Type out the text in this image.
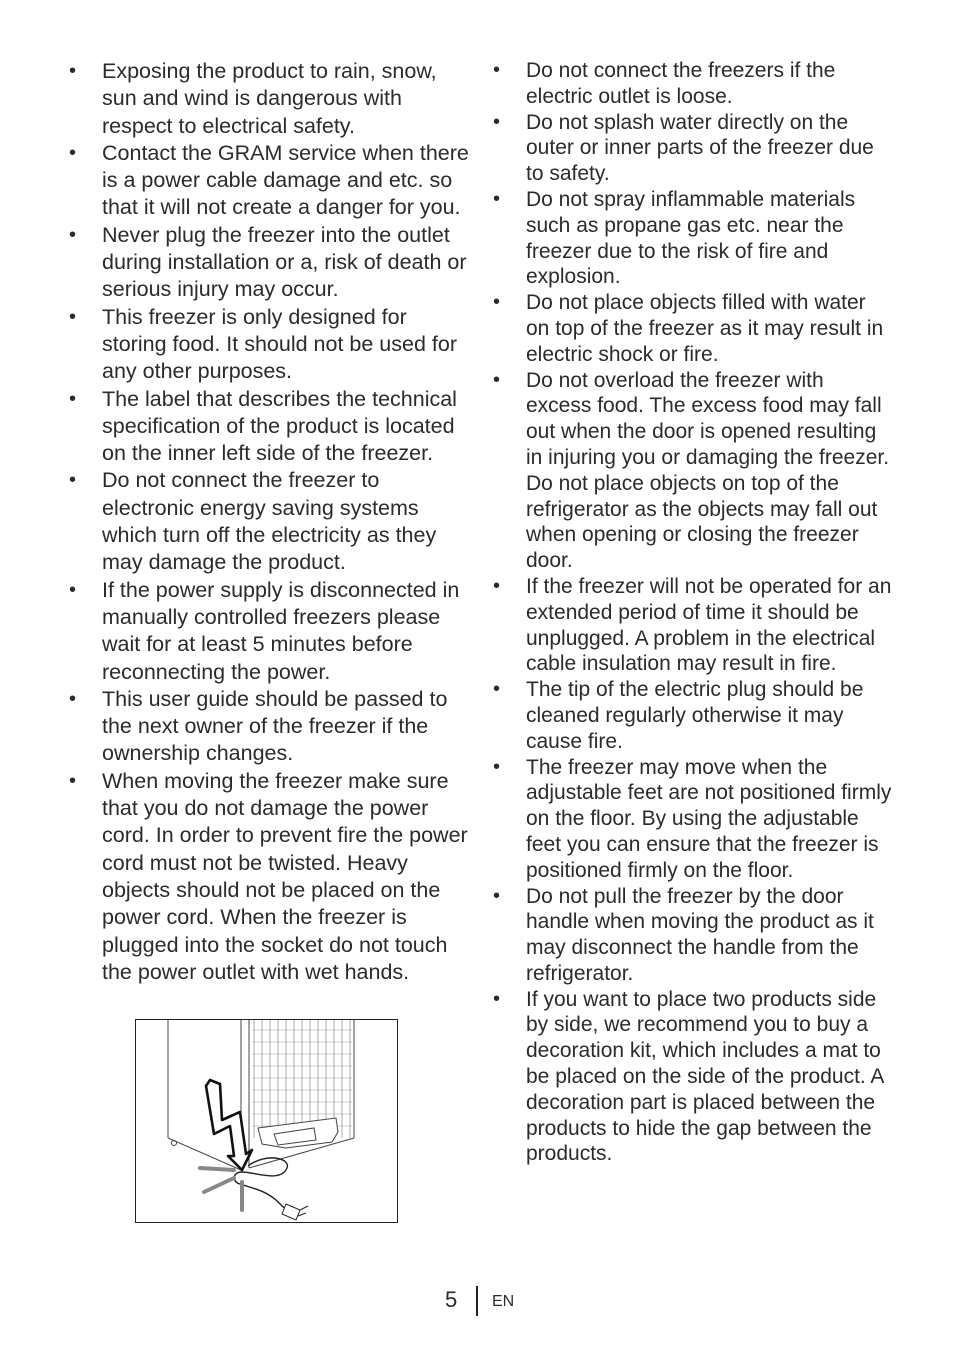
• Exposing the product to rain, snow, sun and wind is dangerous with respect to electrical safety.
• Contact the GRAM service when there is a power cable damage and etc. so that it will not create a danger for you.
• Never plug the freezer into the outlet during installation or a, risk of death or serious injury may occur.
• This freezer is only designed for storing food. It should not be used for any other purposes.
• The label that describes the technical specification of the product is located on the inner left side of the freezer.
• Do not connect the freezer to electronic energy saving systems which turn off the electricity as they may damage the product.
• If the power supply is disconnected in manually controlled freezers please wait for at least 5 minutes before reconnecting the power.
• This user guide should be passed to the next owner of the freezer if the ownership changes.
• When moving the freezer make sure that you do not damage the power cord. In order to prevent fire the power cord must not be twisted. Heavy objects should not be placed on the power cord. When the freezer is plugged into the socket do not touch the power outlet with wet hands.
• Do not connect the freezers if the electric outlet is loose.
• Do not splash water directly on the outer or inner parts of the freezer due to safety.
• Do not spray inflammable materials such as propane gas etc. near the freezer due to the risk of fire and explosion.
• Do not place objects filled with water on top of the freezer as it may result in electric shock or fire.
• Do not overload the freezer with excess food. The excess food may fall out when the door is opened resulting in injuring you or damaging the freezer. Do not place objects on top of the refrigerator as the objects may fall out when opening or closing the freezer door.
• If the freezer will not be operated for an extended period of time it should be unplugged. A problem in the electrical cable insulation may result in fire.
• The tip of the electric plug should be cleaned regularly otherwise it may cause fire.
• The freezer may move when the adjustable feet are not positioned firmly on the floor. By using the adjustable feet you can ensure that the freezer is positioned firmly on the floor.
• Do not pull the freezer by the door handle when moving the product as it may disconnect the handle from the refrigerator.
• If you want to place two products side by side, we recommend you to buy a decoration kit, which includes a mat to be placed on the side of the product. A decoration part is placed between the products to hide the gap between the products.
5 EN
